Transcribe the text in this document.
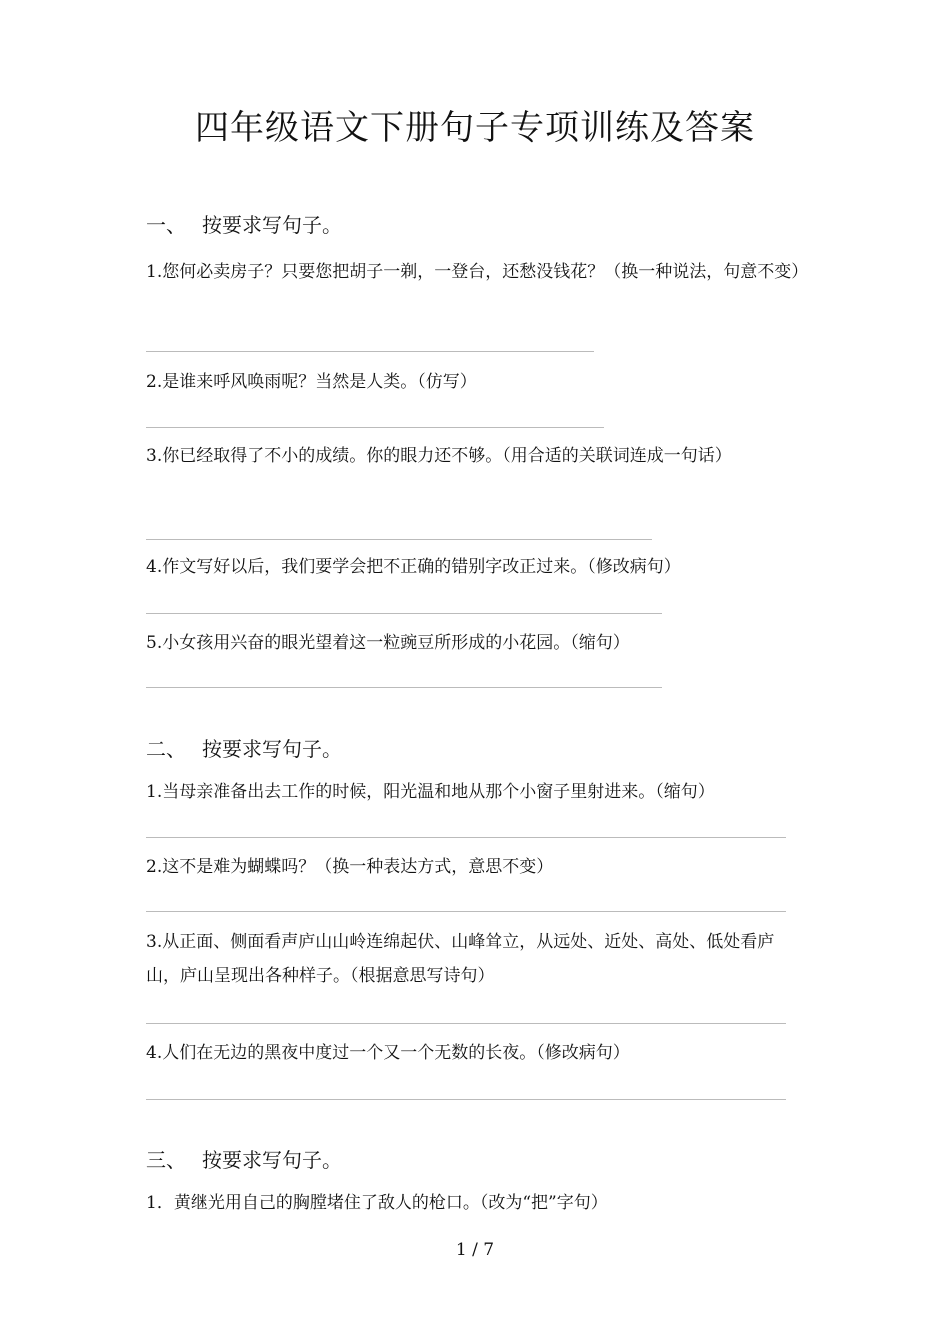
四年级语文下册句子专项训练及答案
一、 按要求写句子。
1.您何必卖房子？只要您把胡子一剃，一登台，还愁没钱花？（换一种说法，句意不变）
2.是谁来呼风唤雨呢？当然是人类。（仿写）
3.你已经取得了不小的成绩。你的眼力还不够。（用合适的关联词连成一句话）
4.作文写好以后，我们要学会把不正确的错别字改正过来。（修改病句）
5.小女孩用兴奋的眼光望着这一粒豌豆所形成的小花园。（缩句）
二、 按要求写句子。
1.当母亲准备出去工作的时候，阳光温和地从那个小窗子里射进来。（缩句）
2.这不是难为蝴蝶吗？（换一种表达方式，意思不变）
3.从正面、侧面看声庐山山岭连绵起伏、山峰耸立，从远处、近处、高处、低处看庐山，庐山呈现出各种样子。（根据意思写诗句）
4.人们在无边的黑夜中度过一个又一个无数的长夜。（修改病句）
三、 按要求写句子。
1．黄继光用自己的胸膛堵住了敌人的枪口。（改为“把”字句）
1 / 7
